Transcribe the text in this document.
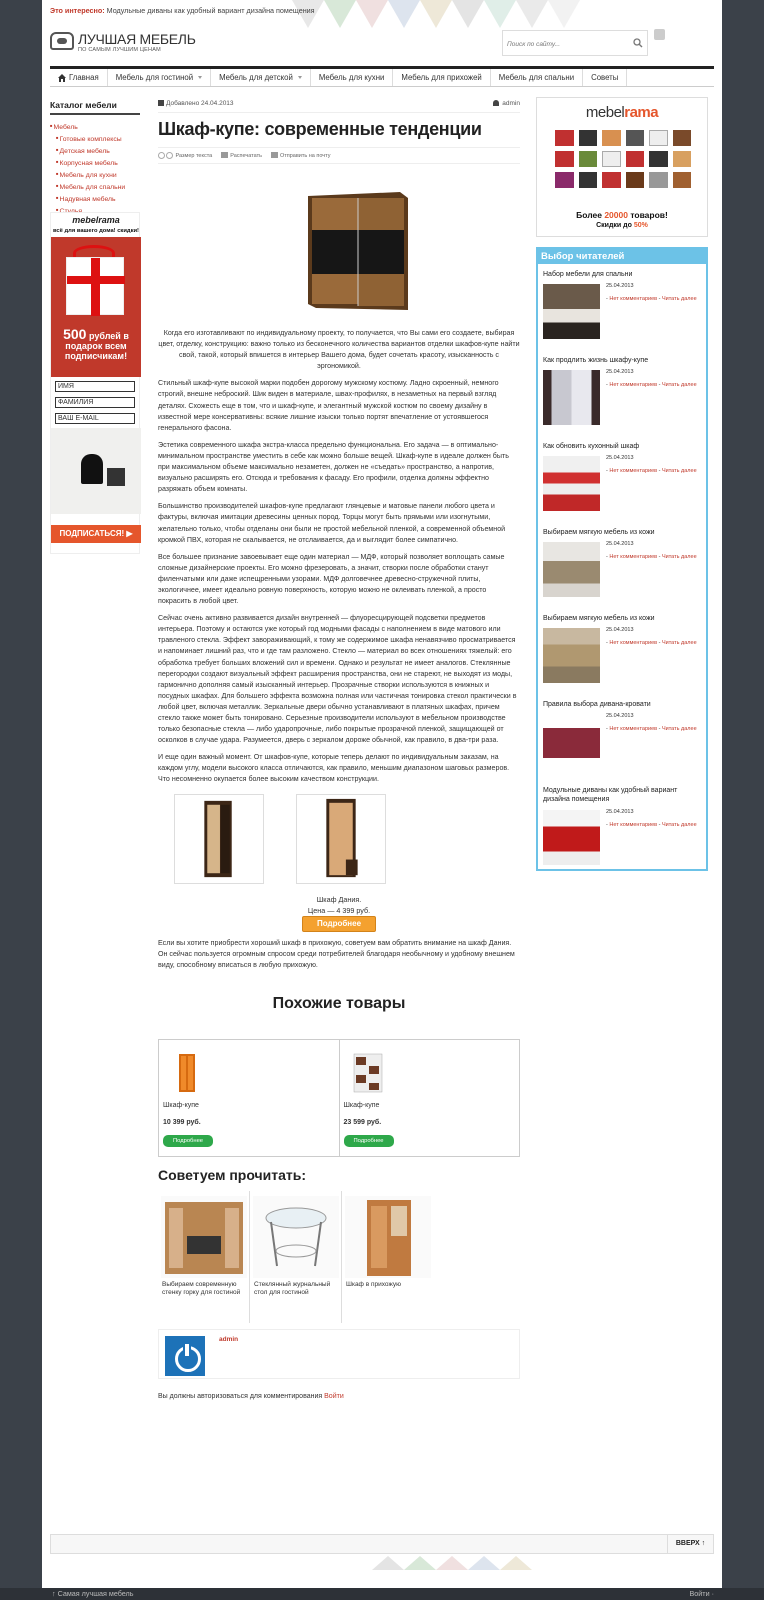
Это интересно: Модульные диваны как удобный вариант дизайна помещения
ЛУЧШАЯ МЕБЕЛЬ
ПО САМЫМ ЛУЧШИМ ЦЕНАМ
Поиск по сайту...
Главная Мебель для гостиной	Мебель для детской	Мебель для кухни Мебель для прихожей Мебель для спальни Советы
Каталог мебели
■ Мебель
■ Готовые комплексы
■ Детская мебель
■ Корпусная мебель
■ Мебель для кухни
■ Мебель для спальни
■ Надувная мебель
■
mebelrama
всё для вашего дома! скидки!
500 рублей в подарок всем подписчикам!
ИМЯ
ФАМИЛИЯ
ВАШ E-MAIL
ПОДПИСАТЬСЯ! ▶
Добавлено 24.04.2013	admin
Шкаф-купе: современные тенденции
Размер текста	Распечатать	Отправить на почту

Когда его изготавливают по индивидуальному проекту, то получается, что Вы сами его создаете, выбирая цвет, отделку, конструкцию: важно только из бесконечного количества вариантов отделки шкафов-купе найти свой, такой, который впишется в интерьер Вашего дома, будет сочетать красоту, изысканность с эргономикой.

Стильный шкаф-купе высокой марки подобен дорогому мужскому костюму. Ладно скроенный, немного строгий, внешне неброский. Шик виден в материале, швах-профилях, в незаметных на первый взгляд деталях. Схожесть еще в том, что и шкаф-купе, и элегантный мужской костюм по своему дизайну в известной мере консервативны: всякие лишние изыски только портят впечатление от устоявшегося генерального фасона.

Эстетика современного шкафа экстра-класса предельно функциональна. Его задача — в оптимально-минимальном пространстве уместить в себе как можно больше вещей. Шкаф-купе в идеале должен быть при максимальном объеме максимально незаметен, должен не «съедать» пространство, а напротив, визуально расширять его. Отсюда и требования к фасаду. Его профили, отделка должны эффектно разряжать объем комнаты.

Большинство производителей шкафов-купе предлагают глянцевые и матовые панели любого цвета и фактуры, включая имитации древесины ценных пород. Торцы могут быть прямыми или изогнутыми, желательно только, чтобы отделаны они были не простой мебельной пленкой, а современной объемной кромкой ПВХ, которая не скалывается, не отслаивается, да и выглядит более симпатично.

Все большее признание завоевывает еще один материал — МДФ, который позволяет воплощать самые сложные дизайнерские проекты. Его можно фрезеровать, а значит, створки после обработки станут филенчатыми или даже испещренными узорами. МДФ долговечнее древесно-стружечной плиты, экологичнее, имеет идеально ровную поверхность, которую можно не оклеивать пленкой, а просто покрасить в любой цвет.

Сейчас очень активно развивается дизайн внутренней — флуоресцирующей подсветки предметов интерьера. Поэтому и остаются уже который год модными фасады с наполнением в виде матового или травленого стекла. Эффект завораживающий, к тому же содержимое шкафа ненавязчиво просматривается и напоминает лишний раз, что и где там разложено. Стекло — материал во всех отношениях тяжелый: его обработка требует больших вложений сил и времени. Однако и результат не имеет аналогов. Стеклянные перегородки создают визуальный эффект расширения пространства, они не стареют, не выходят из моды, гармонично дополняя самый изысканный интерьер. Прозрачные створки используются в книжных и посудных шкафах. Для большего эффекта возможна полная или частичная тонировка стекол практически в любой цвет, включая металлик. Зеркальные двери обычно устанавливают в платяных шкафах, причем стекло также может быть тонировано. Серьезные производители используют в мебельном производстве только безопасные стекла — либо ударопрочные, либо покрытые прозрачной пленкой, защищающей от осколков в случае удара. Разумеется, дверь с зеркалом дороже обычной, как правило, в два-три раза.

И еще один важный момент. От шкафов-купе, которые теперь делают по индивидуальным заказам, на каждом углу, модели высокого класса отличаются, как правило, меньшим диапазоном шаговых размеров. Что несомненно окупается более высоким качеством конструкции.

Шкаф Дания.
Цена — 4 399 руб.
Подробнее

Если вы хотите приобрести хороший шкаф в прихожую, советуем вам обратить внимание на шкаф Дания. Он сейчас пользуется огромным спросом среди потребителей благодаря необычному и удобному внешнем виду, способному вписаться в любую прихожую.

Похожие товары
Шкаф-купе
10 399 руб.
Подробнее
Шкаф-купе
23 599 руб.
Подробнее
Советуем прочитать:
Выбираем современную стенку горку для гостиной
Стеклянный журнальный стол для гостиной
Шкаф в прихожую
admin
Вы должны авторизоваться для комментирования Войти
mebelrama
Более 20000 товаров!
Скидки до 50%
Выбор читателей
Набор мебели для спальни
25.04.2013
- Нет комментариев - Читать далее
Как продлить жизнь шкафу-купе
25.04.2013
- Нет комментариев - Читать далее
Как обновить кухонный шкаф
25.04.2013
- Нет комментариев - Читать далее
Выбираем мягкую мебель из кожи
25.04.2013
- Нет комментариев - Читать далее
Выбираем мягкую мебель из кожи
25.04.2013
- Нет комментариев - Читать далее
Правила выбора дивана-кровати
25.04.2013
- Нет комментариев - Читать далее
Модульные диваны как удобный вариант дизайна помещения
25.04.2013
- Нет комментариев - Читать далее
ВВЕРХ ↑
↑ Самая лучшая мебель	Войти ·
